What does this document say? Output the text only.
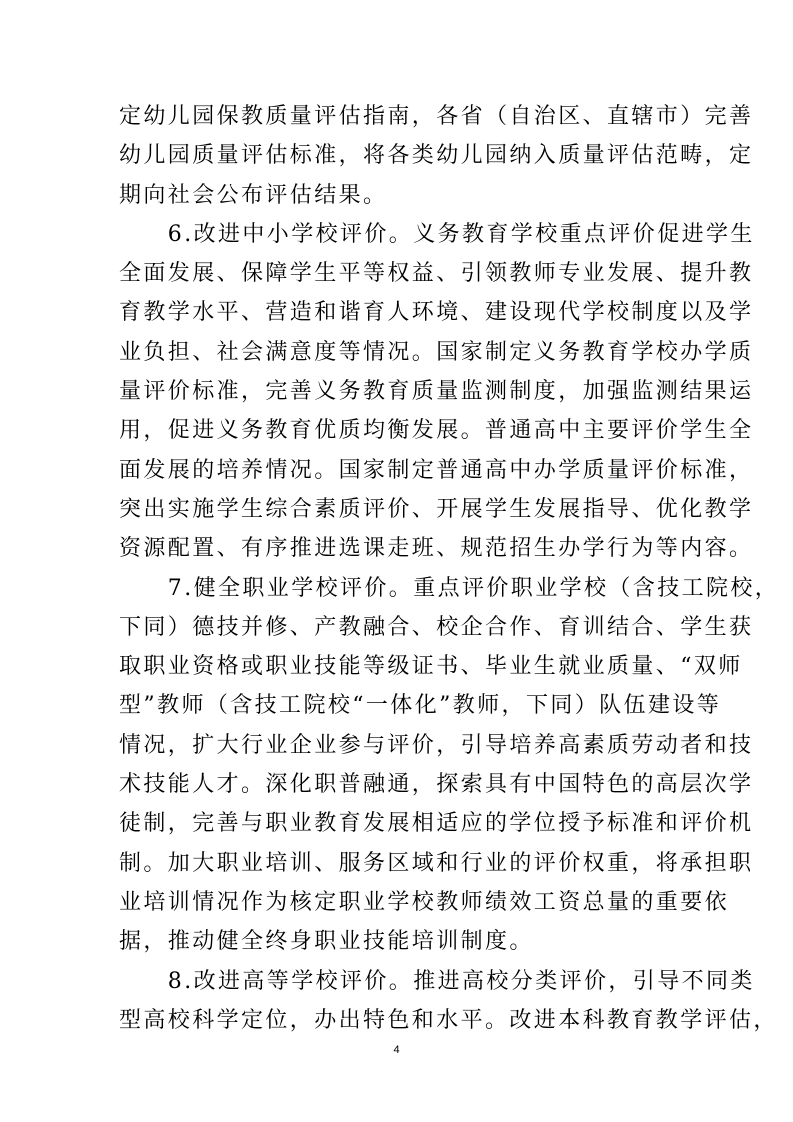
定幼儿园保教质量评估指南，各省（自治区、直辖市）完善

幼儿园质量评估标准，将各类幼儿园纳入质量评估范畴，定

期向社会公布评估结果。

　　6.改进中小学校评价。义务教育学校重点评价促进学生

全面发展、保障学生平等权益、引领教师专业发展、提升教

育教学水平、营造和谐育人环境、建设现代学校制度以及学

业负担、社会满意度等情况。国家制定义务教育学校办学质

量评价标准，完善义务教育质量监测制度，加强监测结果运

用，促进义务教育优质均衡发展。普通高中主要评价学生全

面发展的培养情况。国家制定普通高中办学质量评价标准，

突出实施学生综合素质评价、开展学生发展指导、优化教学

资源配置、有序推进选课走班、规范招生办学行为等内容。

　　7.健全职业学校评价。重点评价职业学校（含技工院校，

下同）德技并修、产教融合、校企合作、育训结合、学生获

取职业资格或职业技能等级证书、毕业生就业质量、“双师

型”教师（含技工院校“一体化”教师，下同）队伍建设等

情况，扩大行业企业参与评价，引导培养高素质劳动者和技

术技能人才。深化职普融通，探索具有中国特色的高层次学

徒制，完善与职业教育发展相适应的学位授予标准和评价机

制。加大职业培训、服务区域和行业的评价权重，将承担职

业培训情况作为核定职业学校教师绩效工资总量的重要依

据，推动健全终身职业技能培训制度。

　　8.改进高等学校评价。推进高校分类评价，引导不同类

型高校科学定位，办出特色和水平。改进本科教育教学评估，

4
